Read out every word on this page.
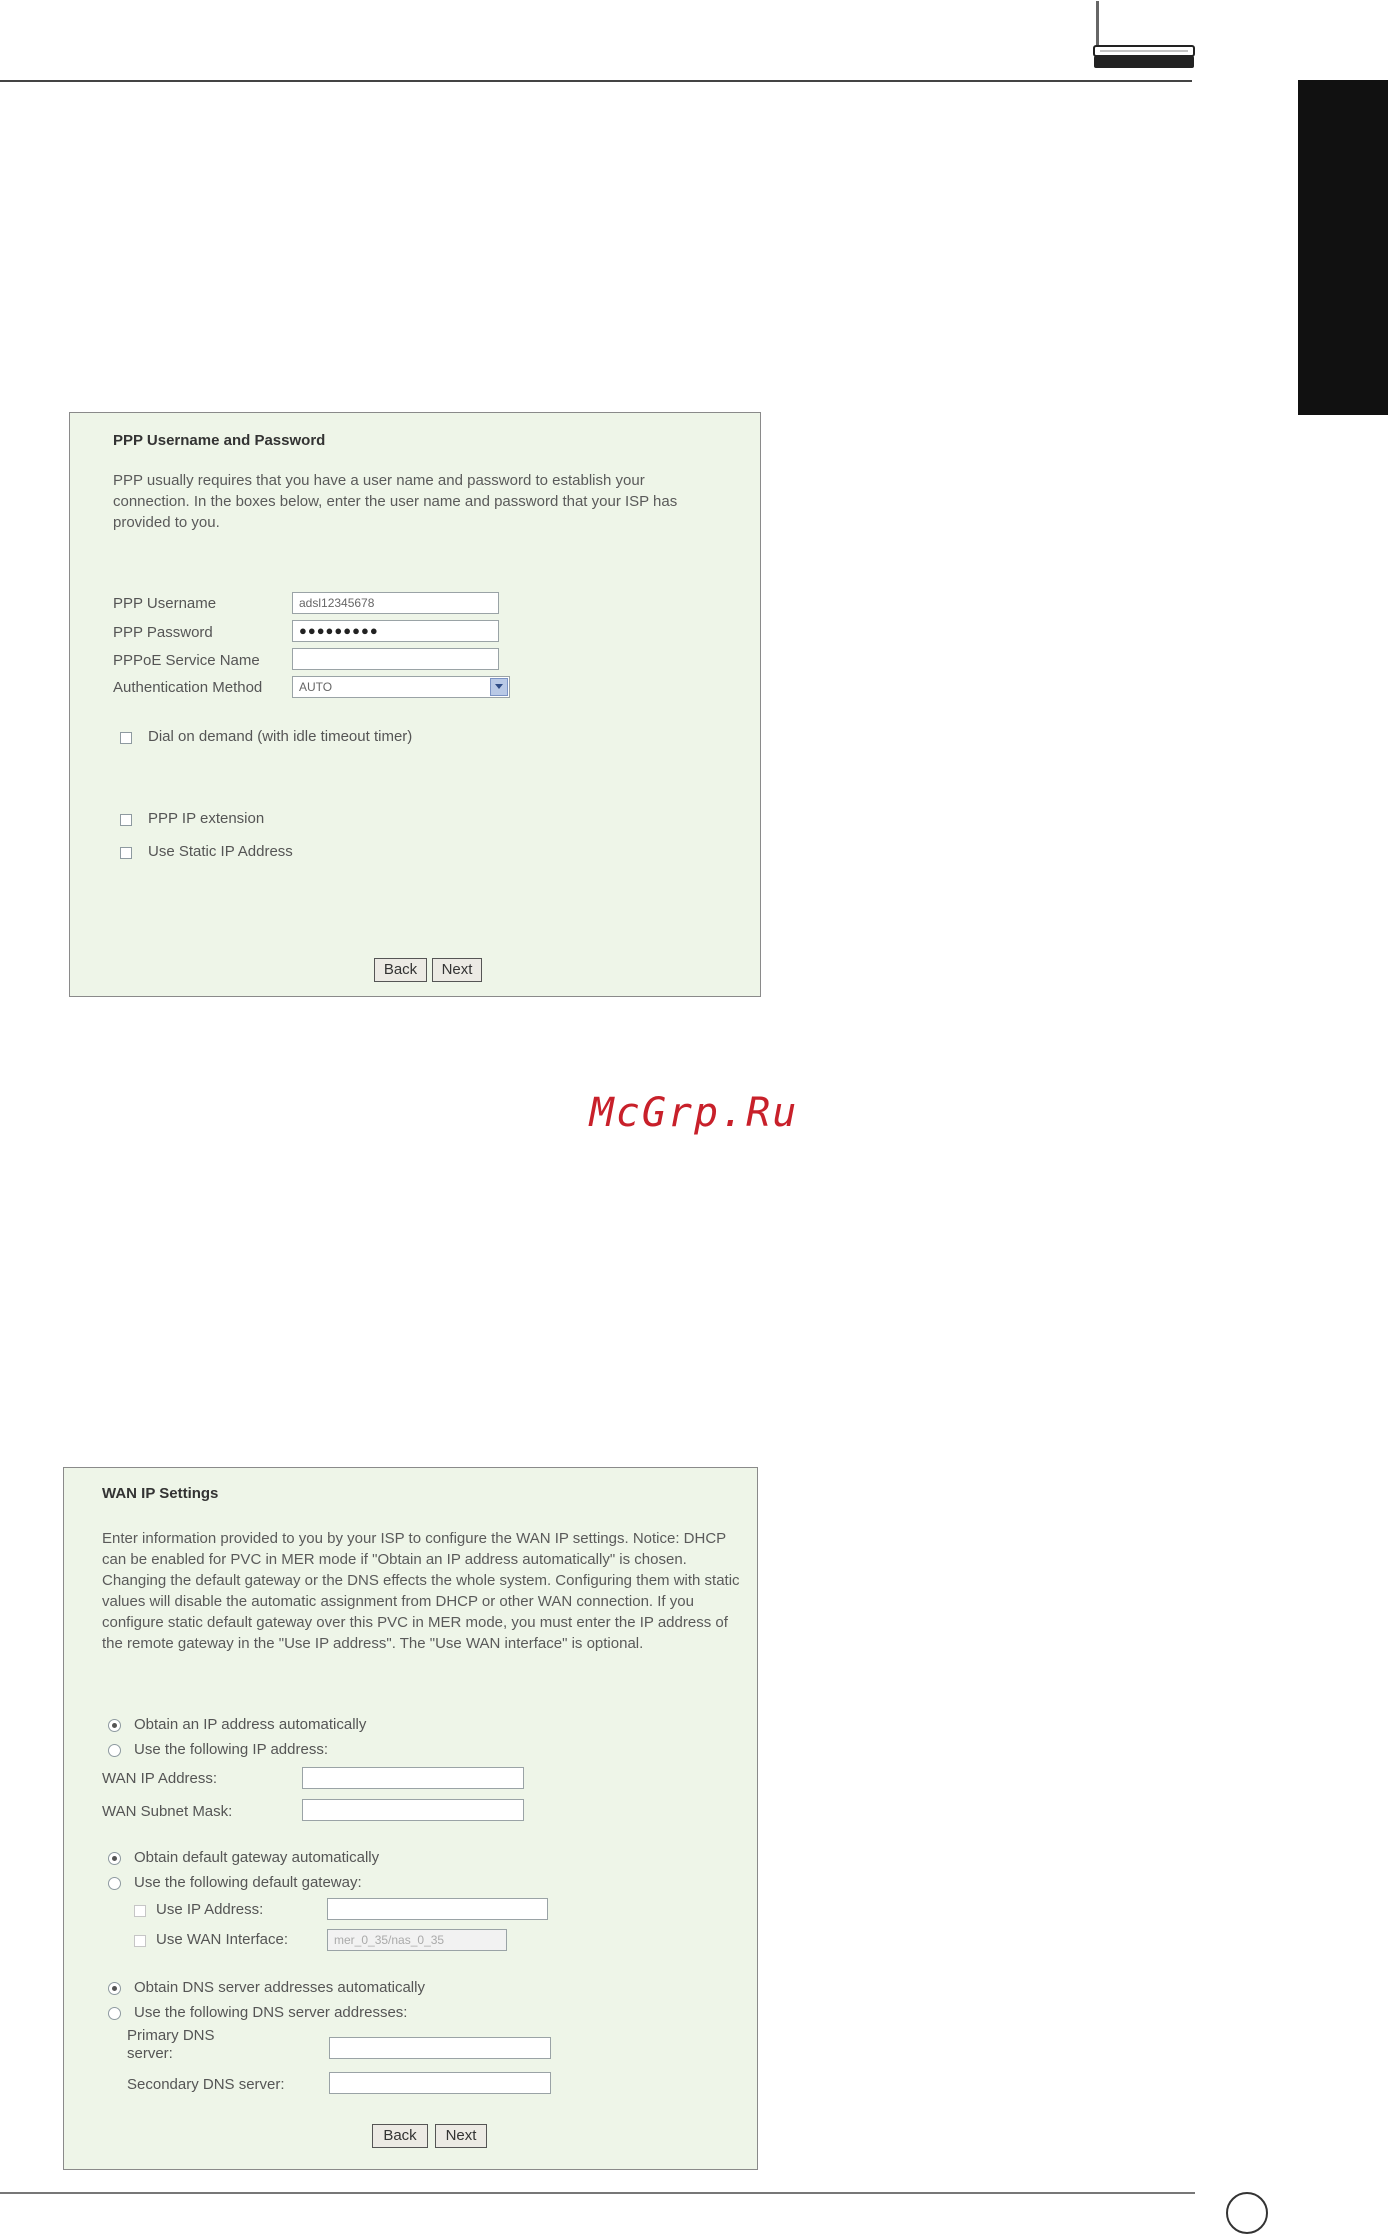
McGrp.Ru
PPP Username and Password
PPP usually requires that you have a user name and password to establish your connection. In the boxes below, enter the user name and password that your ISP has provided to you.
PPP Username	adsl12345678
PPP Password	●●●●●●●●●
PPPoE Service Name
Authentication Method	AUTO
Dial on demand (with idle timeout timer)
PPP IP extension
Use Static IP Address
Back	Next
WAN IP Settings
Enter information provided to you by your ISP to configure the WAN IP settings. Notice: DHCP can be enabled for PVC in MER mode if "Obtain an IP address automatically" is chosen. Changing the default gateway or the DNS effects the whole system. Configuring them with static values will disable the automatic assignment from DHCP or other WAN connection. If you configure static default gateway over this PVC in MER mode, you must enter the IP address of the remote gateway in the "Use IP address". The "Use WAN interface" is optional.
Obtain an IP address automatically
Use the following IP address:
WAN IP Address:
WAN Subnet Mask:
Obtain default gateway automatically
Use the following default gateway:
Use IP Address:
Use WAN Interface:	mer_0_35/nas_0_35
Obtain DNS server addresses automatically
Use the following DNS server addresses:
Primary DNS
server:
Secondary DNS server:
Back	Next
